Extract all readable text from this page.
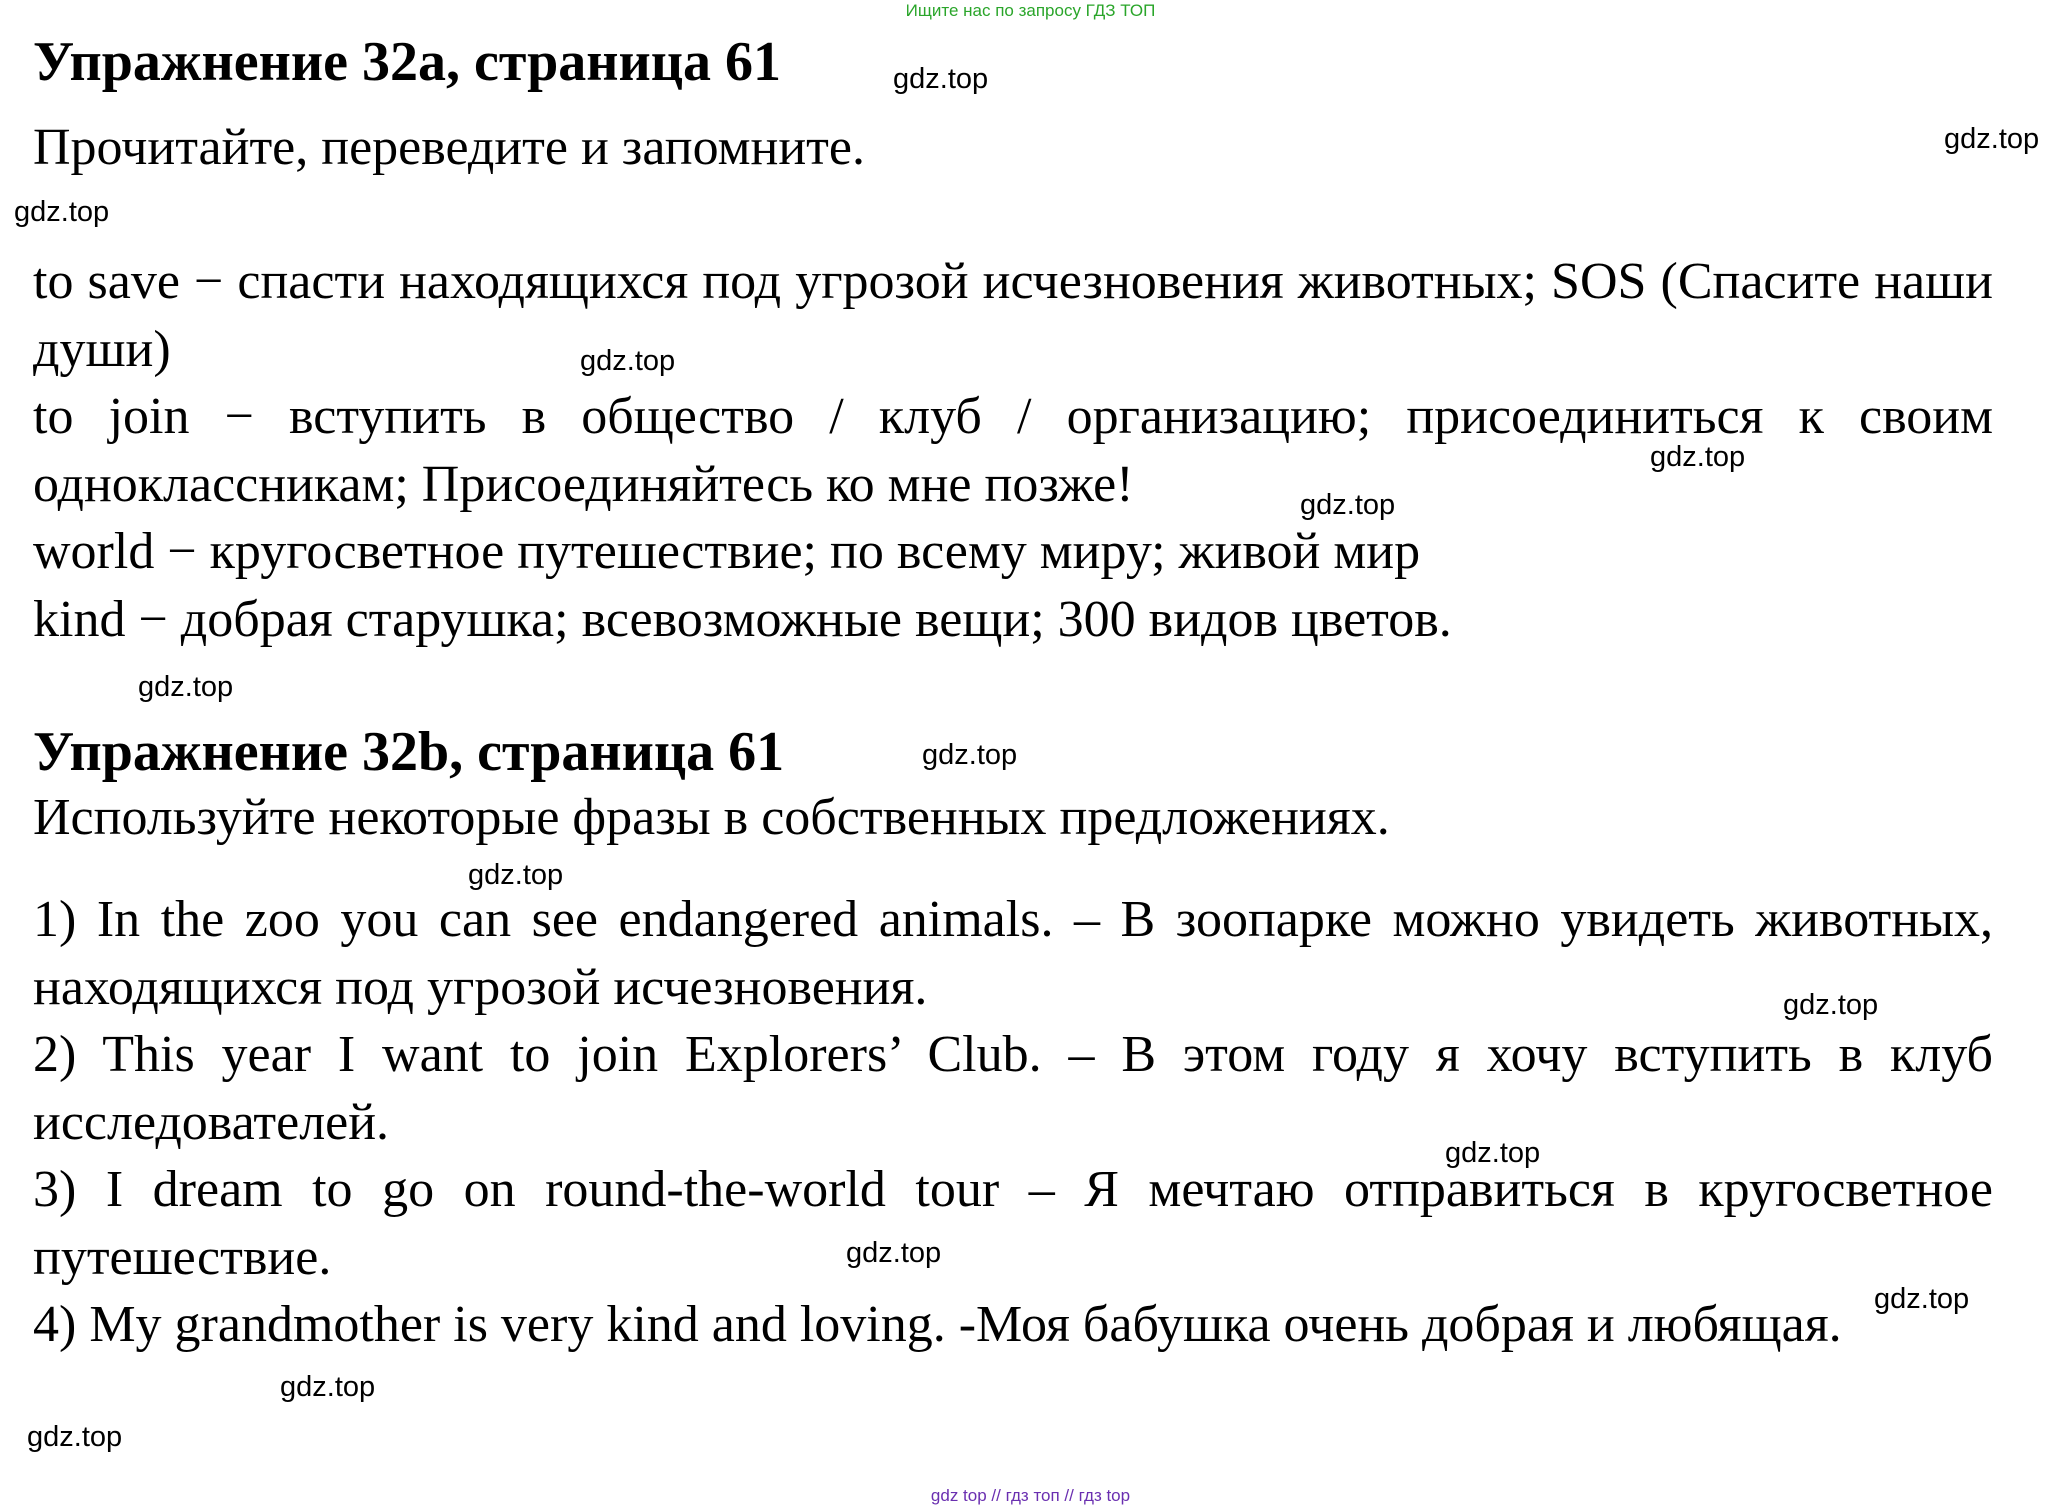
Ищите нас по запросу ГДЗ ТОП
Упражнение 32a, страница 61
Прочитайте, переведите и запомните.

to save − спасти находящихся под угрозой исчезновения животных; SOS (Спасите наши души)

to join − вступить в общество / клуб / организацию; присоединиться к своим одноклассникам; Присоединяйтесь ко мне позже!

world − кругосветное путешествие; по всему миру; живой мир

kind − добрая старушка; всевозможные вещи; 300 видов цветов.

Упражнение 32b, страница 61
Используйте некоторые фразы в собственных предложениях.

1) In the zoo you can see endangered animals. – В зоопарке можно увидеть животных, находящихся под угрозой исчезновения.

2) This year I want to join Explorers’ Club. – В этом году я хочу вступить в клуб исследователей.

3) I dream to go on round-the-world tour – Я мечтаю отправиться в кругосветное путешествие.

4) My grandmother is very kind and loving. -Моя бабушка очень добрая и любящая.

gdz.top
gdz.top
gdz.top
gdz.top
gdz.top
gdz.top
gdz.top
gdz.top
gdz.top
gdz.top
gdz.top
gdz.top
gdz.top
gdz.top
gdz.top
gdz top // гдз топ // гдз top
